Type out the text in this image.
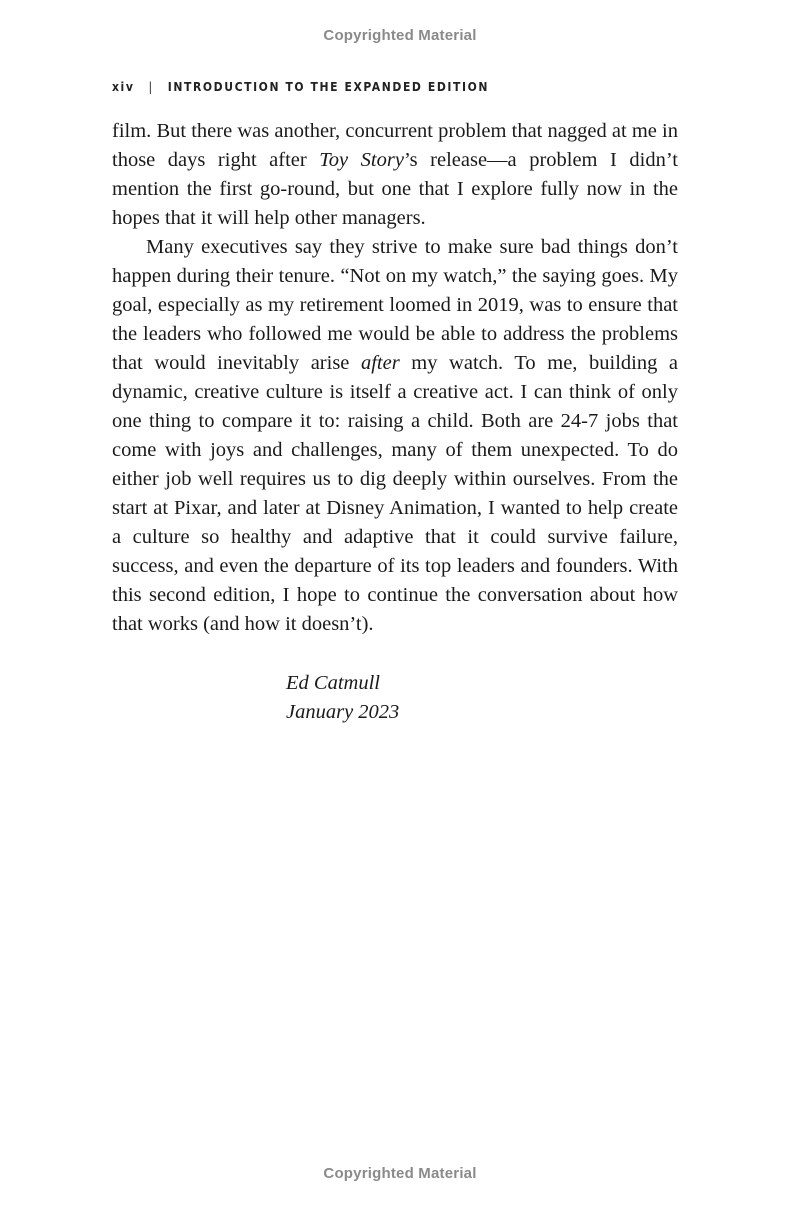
Copyrighted Material
xiv | INTRODUCTION TO THE EXPANDED EDITION

film. But there was another, concurrent problem that nagged at me in those days right after Toy Story’s release—a problem I didn’t mention the first go-round, but one that I explore fully now in the hopes that it will help other managers.

Many executives say they strive to make sure bad things don’t happen during their tenure. “Not on my watch,” the saying goes. My goal, especially as my retirement loomed in 2019, was to ensure that the leaders who followed me would be able to address the problems that would inevitably arise after my watch. To me, building a dynamic, creative culture is itself a creative act. I can think of only one thing to compare it to: raising a child. Both are 24-7 jobs that come with joys and challenges, many of them unexpected. To do either job well requires us to dig deeply within ourselves. From the start at Pixar, and later at Disney Animation, I wanted to help create a culture so healthy and adaptive that it could survive failure, success, and even the departure of its top leaders and founders. With this second edition, I hope to continue the conversation about how that works (and how it doesn’t).

Ed Catmull
January 2023
Copyrighted Material
